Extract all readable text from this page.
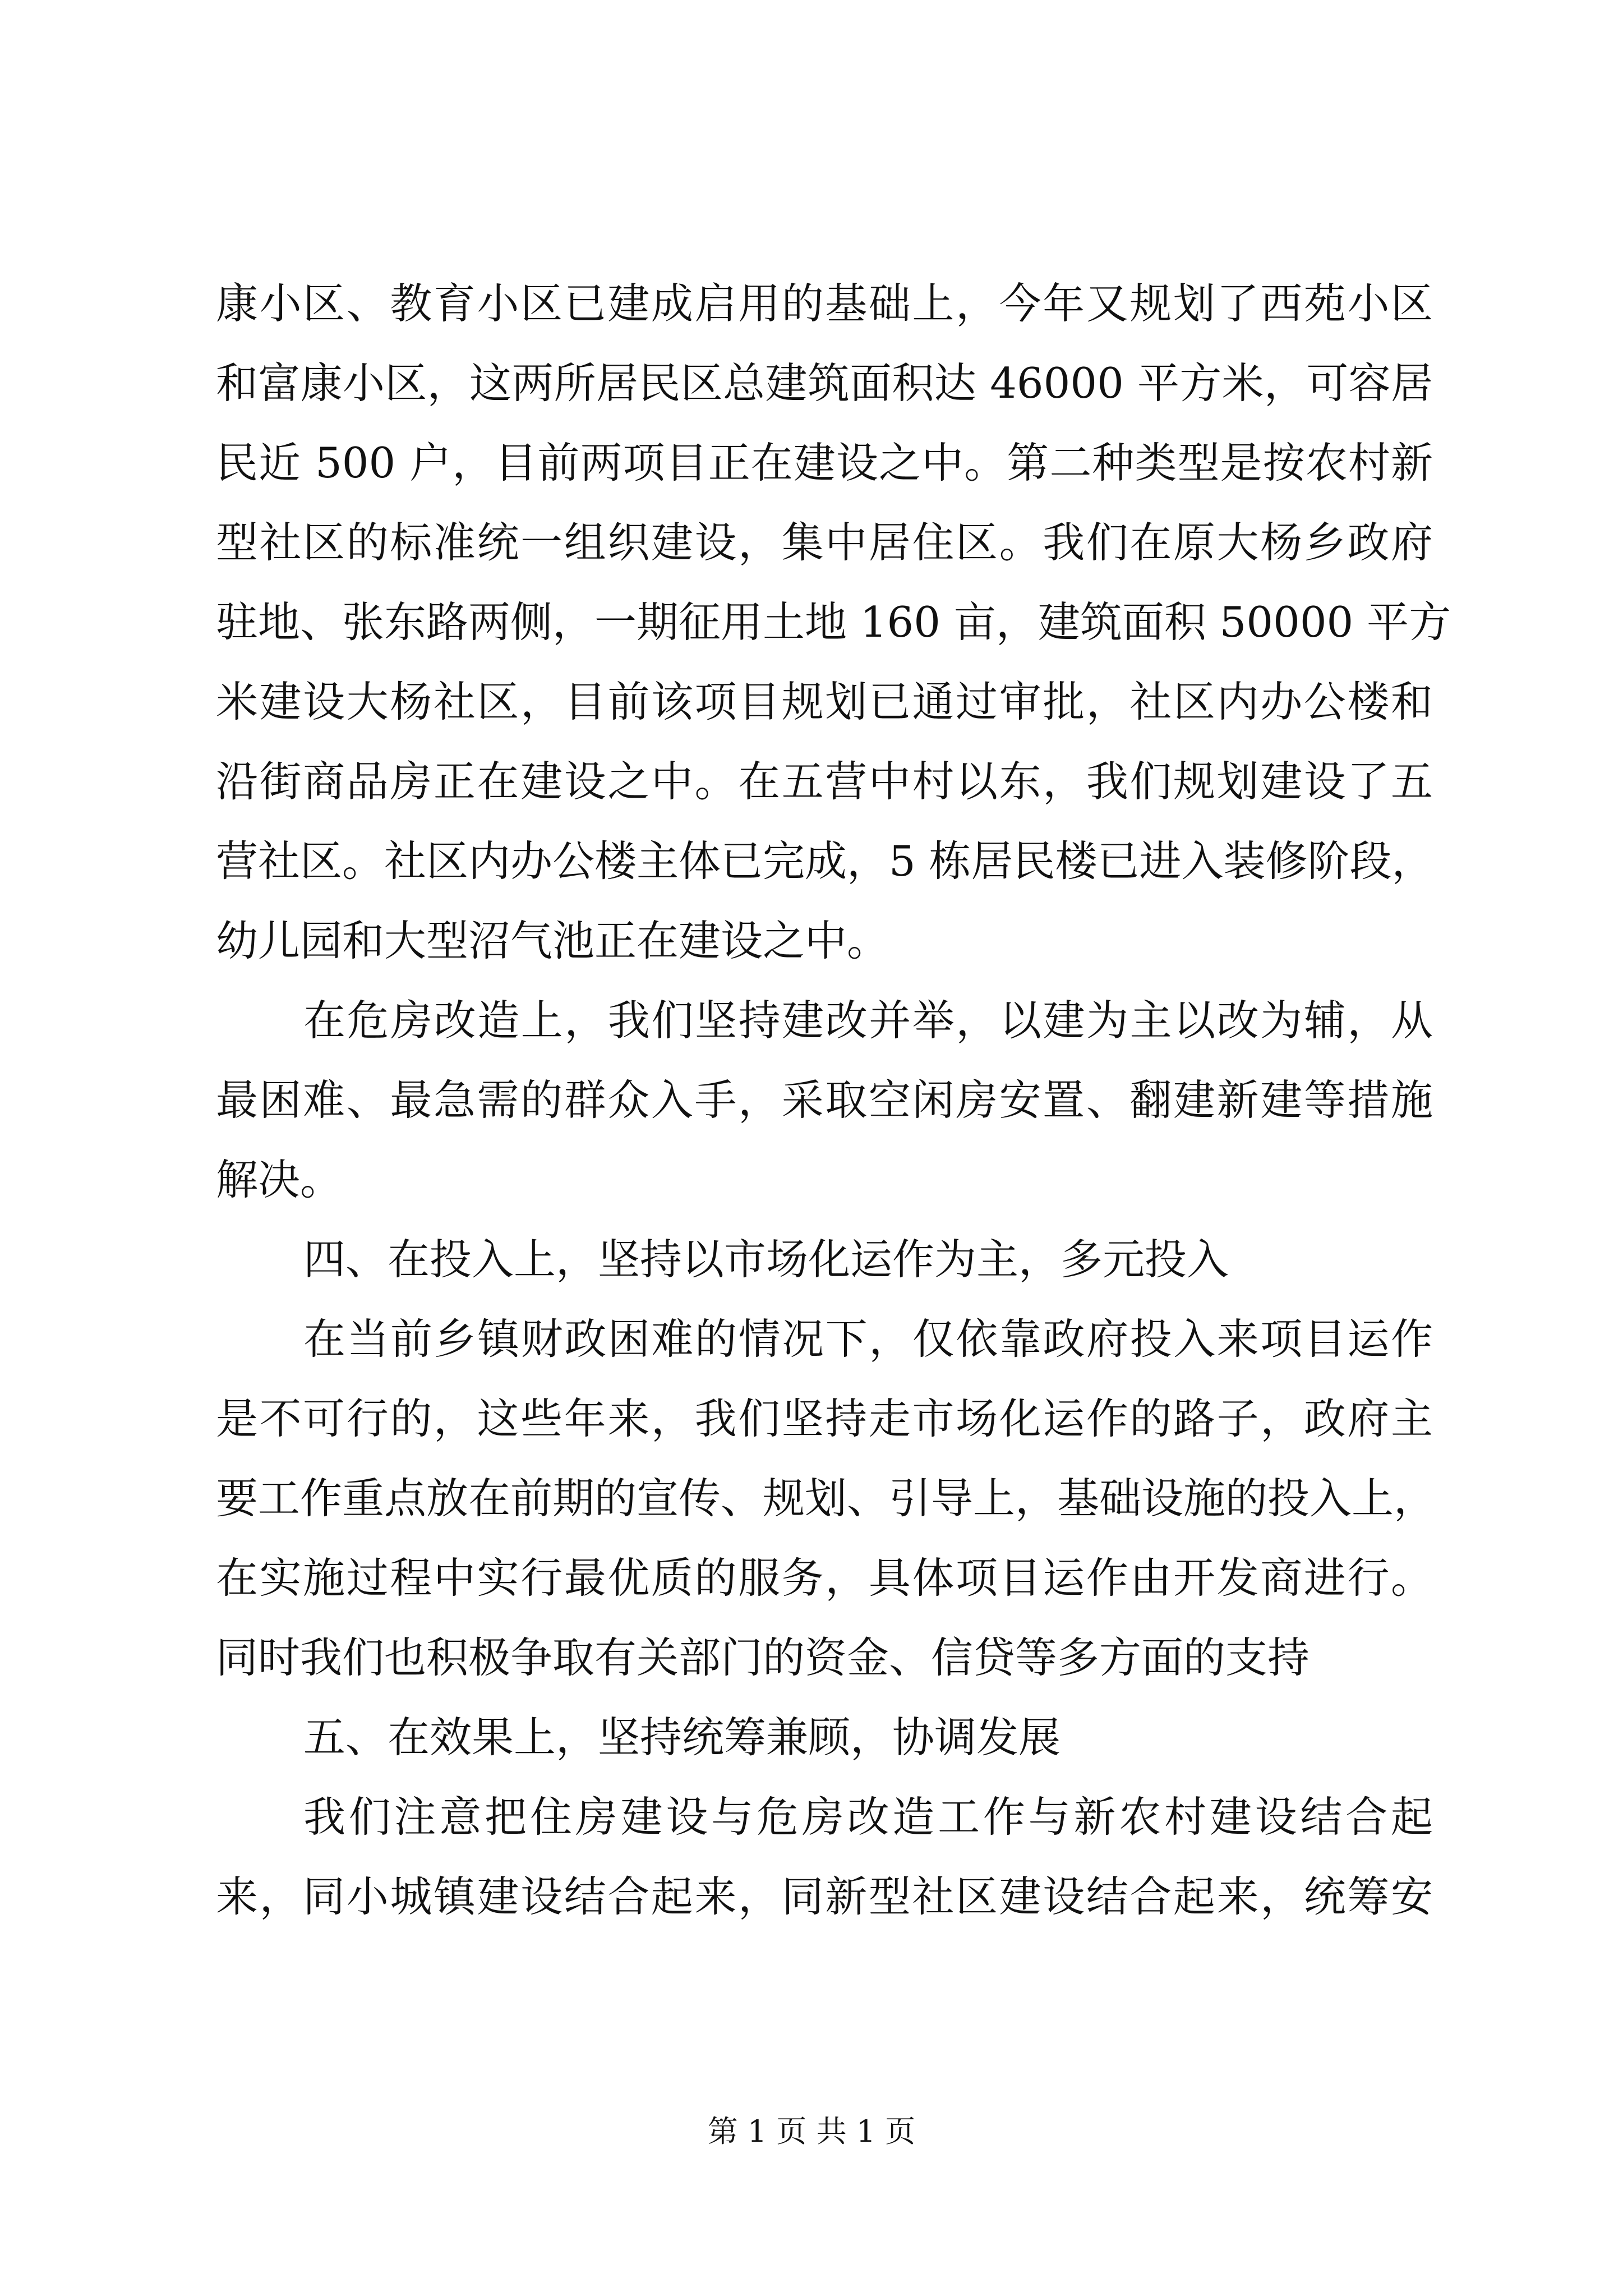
康小区、教育小区已建成启用的基础上，今年又规划了西苑小区
和富康小区，这两所居民区总建筑面积达 46000 平方米，可容居
民近 500 户，目前两项目正在建设之中。第二种类型是按农村新
型社区的标准统一组织建设，集中居住区。我们在原大杨乡政府
驻地、张东路两侧，一期征用土地 160 亩，建筑面积 50000 平方
米建设大杨社区，目前该项目规划已通过审批，社区内办公楼和
沿街商品房正在建设之中。在五营中村以东，我们规划建设了五
营社区。社区内办公楼主体已完成，5 栋居民楼已进入装修阶段，
幼儿园和大型沼气池正在建设之中。
在危房改造上，我们坚持建改并举，以建为主以改为辅，从
最困难、最急需的群众入手，采取空闲房安置、翻建新建等措施
解决。
四、在投入上，坚持以市场化运作为主，多元投入
在当前乡镇财政困难的情况下，仅依靠政府投入来项目运作
是不可行的，这些年来，我们坚持走市场化运作的路子，政府主
要工作重点放在前期的宣传、规划、引导上，基础设施的投入上，
在实施过程中实行最优质的服务，具体项目运作由开发商进行。
同时我们也积极争取有关部门的资金、信贷等多方面的支持
五、在效果上，坚持统筹兼顾，协调发展
我们注意把住房建设与危房改造工作与新农村建设结合起
来，同小城镇建设结合起来，同新型社区建设结合起来，统筹安
第 1 页 共 1 页
